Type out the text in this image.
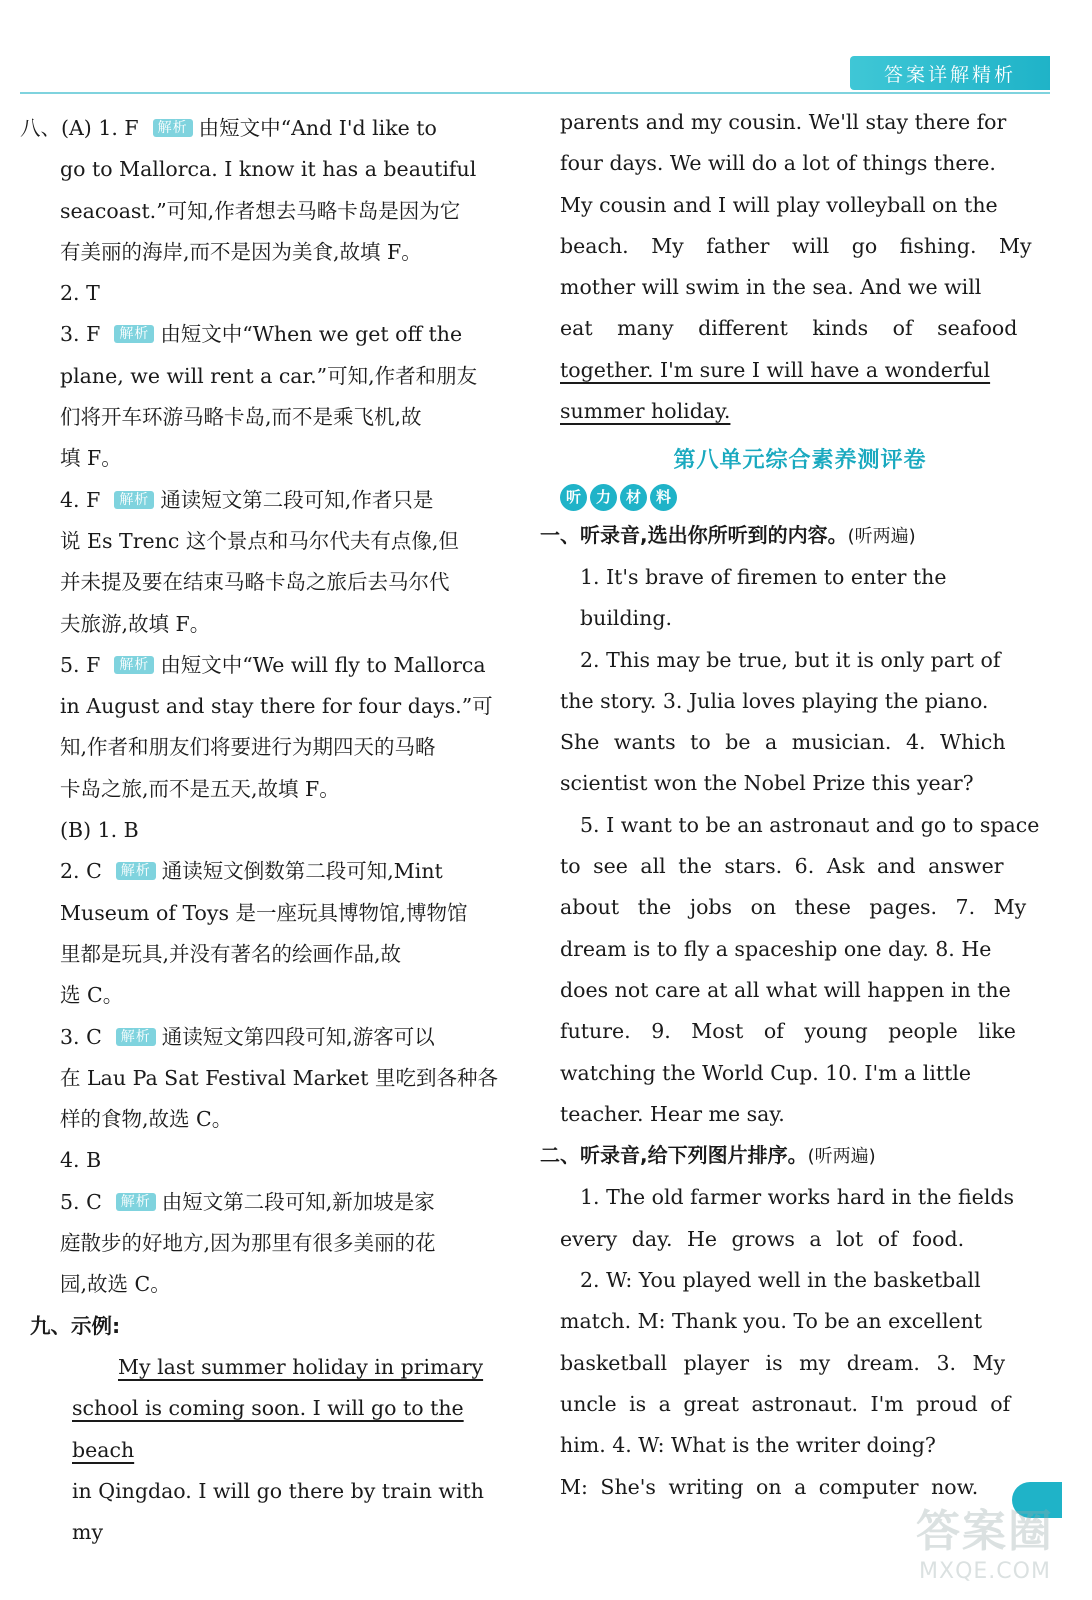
答案详解精析

八、(A) 1. F 解析 由短文中“And I'd like to

go to Mallorca. I know it has a beautiful

seacoast.”可知,作者想去马略卡岛是因为它

有美丽的海岸,而不是因为美食,故填 F。

2. T

3. F 解析 由短文中“When we get off the

plane, we will rent a car.”可知,作者和朋友

们将开车环游马略卡岛,而不是乘飞机,故

填 F。

4. F 解析 通读短文第二段可知,作者只是

说 Es Trenc 这个景点和马尔代夫有点像,但

并未提及要在结束马略卡岛之旅后去马尔代

夫旅游,故填 F。

5. F 解析 由短文中“We will fly to Mallorca

in August and stay there for four days.”可

知,作者和朋友们将要进行为期四天的马略

卡岛之旅,而不是五天,故填 F。

(B) 1. B

2. C 解析 通读短文倒数第二段可知,Mint

Museum of Toys 是一座玩具博物馆,博物馆

里都是玩具,并没有著名的绘画作品,故

选 C。

3. C 解析 通读短文第四段可知,游客可以

在 Lau Pa Sat Festival Market 里吃到各种各

样的食物,故选 C。

4. B

5. C 解析 由短文第二段可知,新加坡是家

庭散步的好地方,因为那里有很多美丽的花

园,故选 C。

九、示例:

My last summer holiday in primary

school is coming soon. I will go to the beach

in Qingdao. I will go there by train with my

parents and my cousin. We'll stay there for

four days. We will do a lot of things there.

My cousin and I will play volleyball on the

beach. My father will go fishing. My

mother will swim in the sea. And we will

eat many different kinds of seafood

together. I'm sure I will have a wonderful

summer holiday.

第八单元综合素养测评卷
听 力 材 料

一、听录音,选出你所听到的内容。(听两遍)

1. It's brave of firemen to enter the building.

2. This may be true, but it is only part of

the story. 3. Julia loves playing the piano.

She wants to be a musician. 4. Which

scientist won the Nobel Prize this year?

5. I want to be an astronaut and go to space

to see all the stars. 6. Ask and answer

about the jobs on these pages. 7. My

dream is to fly a spaceship one day. 8. He

does not care at all what will happen in the

future. 9. Most of young people like

watching the World Cup. 10. I'm a little

teacher. Hear me say.

二、听录音,给下列图片排序。(听两遍)

1. The old farmer works hard in the fields

every day. He grows a lot of food.

2. W: You played well in the basketball

match. M: Thank you. To be an excellent

basketball player is my dream. 3. My

uncle is a great astronaut. I'm proud of

him. 4. W: What is the writer doing?

M: She's writing on a computer now.

答案圈
MXQE.COM
